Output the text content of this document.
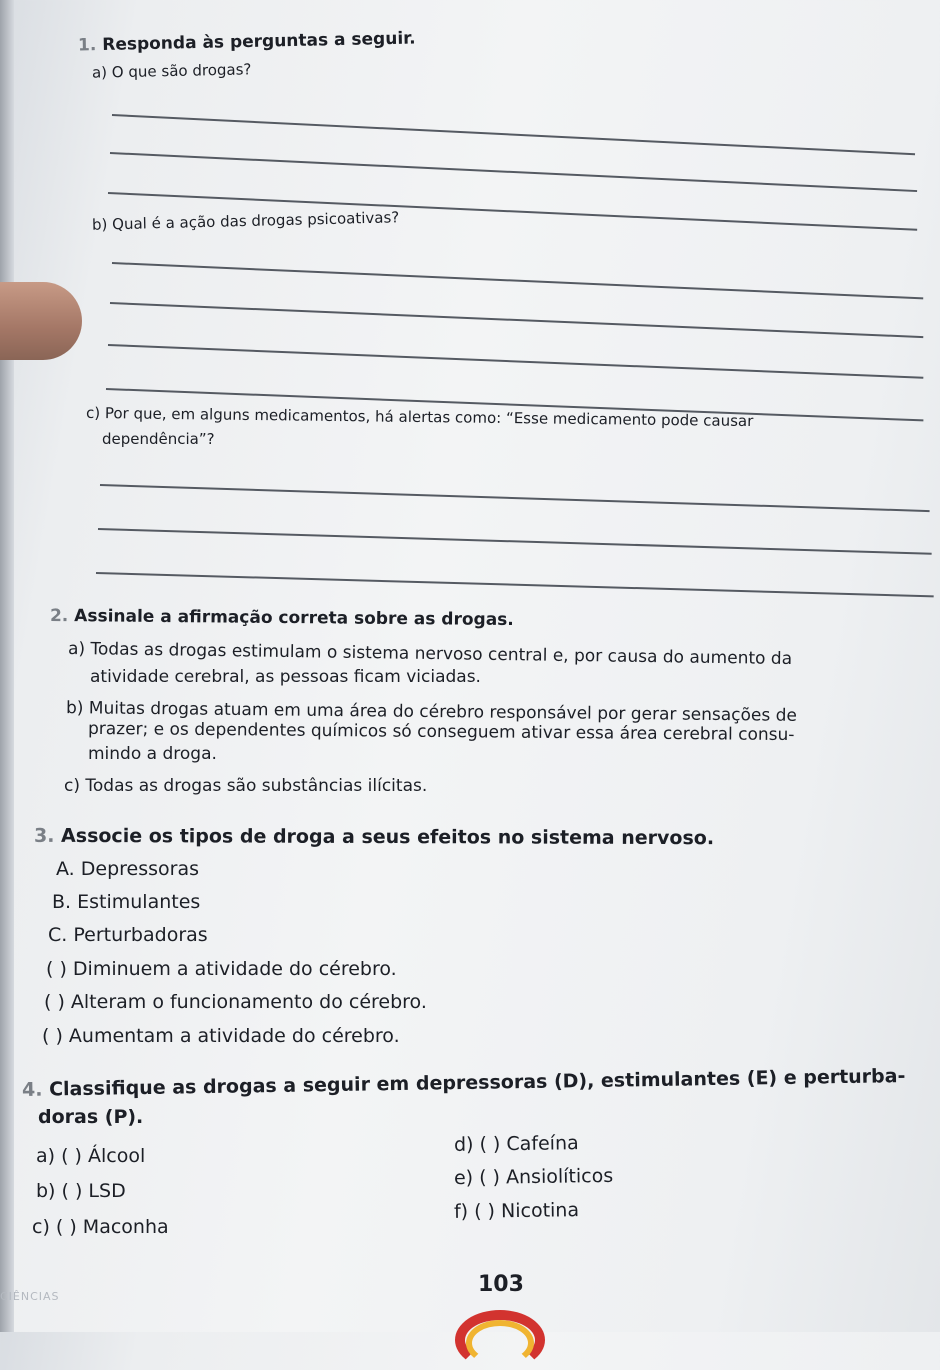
1. Responda às perguntas a seguir.
a) O que são drogas?
b) Qual é a ação das drogas psicoativas?
c) Por que, em alguns medicamentos, há alertas como: “Esse medicamento pode causar
dependência”?
2. Assinale a afirmação correta sobre as drogas.
a) Todas as drogas estimulam o sistema nervoso central e, por causa do aumento da
atividade cerebral, as pessoas ficam viciadas.
b) Muitas drogas atuam em uma área do cérebro responsável por gerar sensações de
prazer; e os dependentes químicos só conseguem ativar essa área cerebral consu-
mindo a droga.
c) Todas as drogas são substâncias ilícitas.
3. Associe os tipos de droga a seus efeitos no sistema nervoso.
A. Depressoras
B. Estimulantes
C. Perturbadoras
( ) Diminuem a atividade do cérebro.
( ) Alteram o funcionamento do cérebro.
( ) Aumentam a atividade do cérebro.
4. Classifique as drogas a seguir em depressoras (D), estimulantes (E) e perturba-
doras (P).
a) ( ) Álcool
b) ( ) LSD
c) ( ) Maconha
d) ( ) Cafeína
e) ( ) Ansiolíticos
f) ( ) Nicotina
CIÊNCIAS	103
